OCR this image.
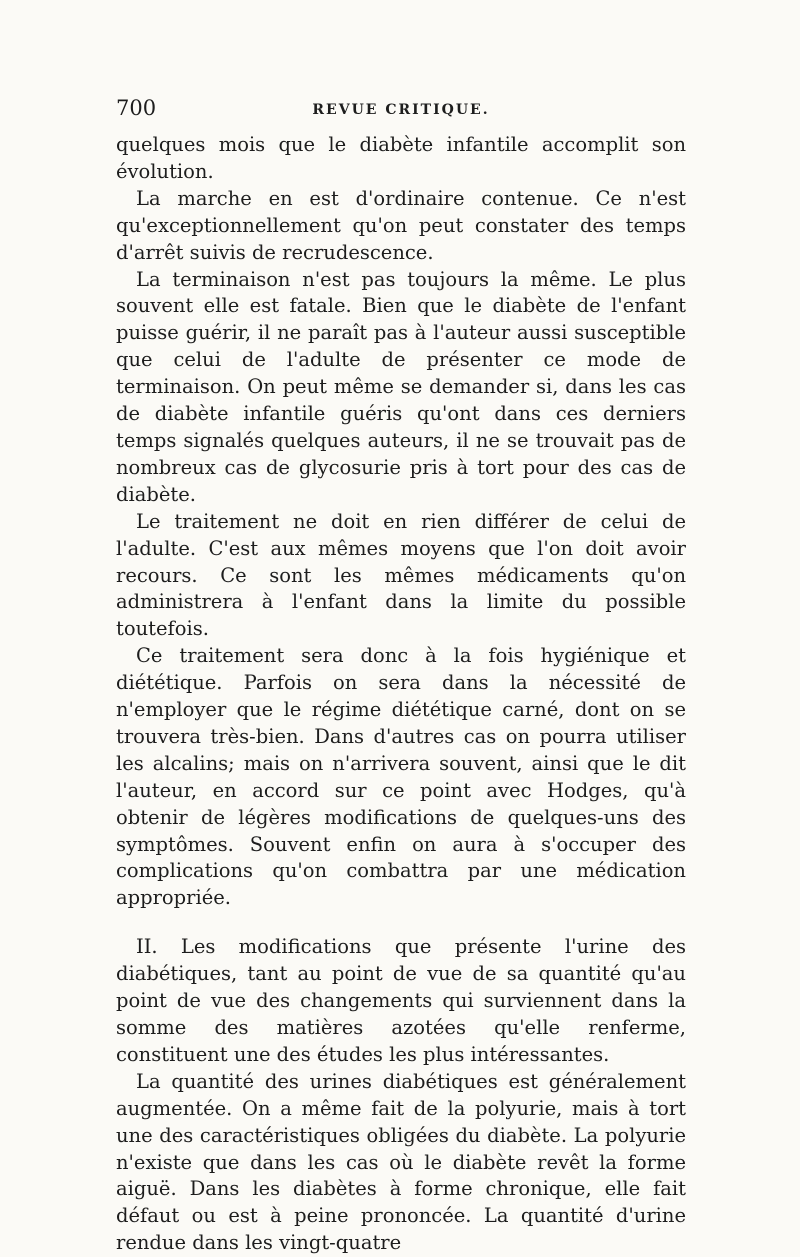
700	REVUE CRITIQUE.

quelques mois que le diabète infantile accomplit son évolution.

La marche en est d'ordinaire contenue. Ce n'est qu'exceptionnellement qu'on peut constater des temps d'arrêt suivis de recrudescence.

La terminaison n'est pas toujours la même. Le plus souvent elle est fatale. Bien que le diabète de l'enfant puisse guérir, il ne paraît pas à l'auteur aussi susceptible que celui de l'adulte de présenter ce mode de terminaison. On peut même se demander si, dans les cas de diabète infantile guéris qu'ont dans ces derniers temps signalés quelques auteurs, il ne se trouvait pas de nombreux cas de glycosurie pris à tort pour des cas de diabète.

Le traitement ne doit en rien différer de celui de l'adulte. C'est aux mêmes moyens que l'on doit avoir recours. Ce sont les mêmes médicaments qu'on administrera à l'enfant dans la limite du possible toutefois.

Ce traitement sera donc à la fois hygiénique et diététique. Parfois on sera dans la nécessité de n'employer que le régime diététique carné, dont on se trouvera très-bien. Dans d'autres cas on pourra utiliser les alcalins; mais on n'arrivera souvent, ainsi que le dit l'auteur, en accord sur ce point avec Hodges, qu'à obtenir de légères modifications de quelques-uns des symptômes. Souvent enfin on aura à s'occuper des complications qu'on combattra par une médication appropriée.

II. Les modifications que présente l'urine des diabétiques, tant au point de vue de sa quantité qu'au point de vue des changements qui surviennent dans la somme des matières azotées qu'elle renferme, constituent une des études les plus intéressantes.

La quantité des urines diabétiques est généralement augmentée. On a même fait de la polyurie, mais à tort une des caractéristiques obligées du diabète. La polyurie n'existe que dans les cas où le diabète revêt la forme aiguë. Dans les diabètes à forme chronique, elle fait défaut ou est à peine prononcée. La quantité d'urine rendue dans les vingt-quatre
